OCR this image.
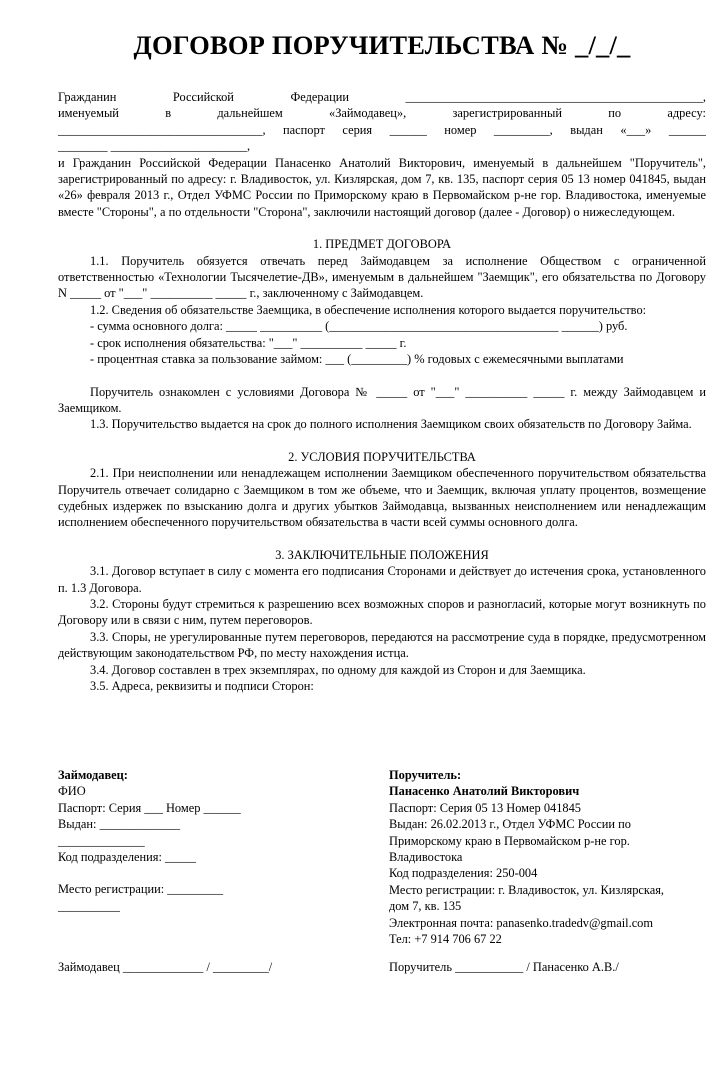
ДОГОВОР ПОРУЧИТЕЛЬСТВА № _/_/_

Гражданин Российской Федерации ________________________________________________,

именуемый в дальнейшем «Займодавец», зарегистрированный по адресу:

_________________________________, паспорт серия ______ номер _________, выдан «___» ______

________ ______________________,

и Гражданин Российской Федерации Панасенко Анатолий Викторович, именуемый в дальнейшем "Поручитель", зарегистрированный по адресу: г. Владивосток, ул. Кизлярская, дом 7, кв. 135, паспорт серия 05 13 номер 041845, выдан «26» февраля 2013 г., Отдел УФМС России по Приморскому краю в Первомайском р-не гор. Владивостока, именуемые вместе "Стороны", а по отдельности "Сторона", заключили настоящий договор (далее - Договор) о нижеследующем.

1. ПРЕДМЕТ ДОГОВОРА

1.1. Поручитель обязуется отвечать перед Займодавцем за исполнение Обществом с ограниченной ответственностью «Технологии Тысячелетие-ДВ», именуемым в дальнейшем "Заемщик", его обязательства по Договору N _____ от "___" __________ _____ г., заключенному с Займодавцем.

1.2. Сведения об обязательстве Заемщика, в обеспечение исполнения которого выдается поручительство:

- сумма основного долга: _____ __________ (_____________________________________ ______) руб.

- срок исполнения обязательства: "___" __________ _____ г.

- процентная ставка за пользование займом: ___ (_________) % годовых с ежемесячными выплатами

Поручитель ознакомлен с условиями Договора № _____ от "___" __________ _____ г. между Займодавцем и Заемщиком.

1.3. Поручительство выдается на срок до полного исполнения Заемщиком своих обязательств по Договору Займа.

2. УСЛОВИЯ ПОРУЧИТЕЛЬСТВА

2.1. При неисполнении или ненадлежащем исполнении Заемщиком обеспеченного поручительством обязательства Поручитель отвечает солидарно с Заемщиком в том же объеме, что и Заемщик, включая уплату процентов, возмещение судебных издержек по взысканию долга и других убытков Займодавца, вызванных неисполнением или ненадлежащим исполнением обеспеченного поручительством обязательства в части всей суммы основного долга.

3. ЗАКЛЮЧИТЕЛЬНЫЕ ПОЛОЖЕНИЯ

3.1. Договор вступает в силу с момента его подписания Сторонами и действует до истечения срока, установленного п. 1.3 Договора.

3.2. Стороны будут стремиться к разрешению всех возможных споров и разногласий, которые могут возникнуть по Договору или в связи с ним, путем переговоров.

3.3. Споры, не урегулированные путем переговоров, передаются на рассмотрение суда в порядке, предусмотренном действующим законодательством РФ, по месту нахождения истца.

3.4. Договор составлен в трех экземплярах, по одному для каждой из Сторон и для Заемщика.

3.5. Адреса, реквизиты и подписи Сторон:

Займодавец:

ФИО

Паспорт: Серия ___ Номер ______

Выдан: _____________

______________

Код подразделения: _____

Место регистрации: _________

__________

Поручитель:

Панасенко Анатолий Викторович

Паспорт: Серия 05 13 Номер 041845

Выдан: 26.02.2013 г., Отдел УФМС России по

Приморскому краю в Первомайском р-не гор.

Владивостока

Код подразделения: 250-004

Место регистрации: г. Владивосток, ул. Кизлярская,

дом 7, кв. 135

Электронная почта: panasenko.tradedv@gmail.com

Тел: +7 914 706 67 22

Займодавец _____________ / _________/	Поручитель ___________ / Панасенко А.В./
